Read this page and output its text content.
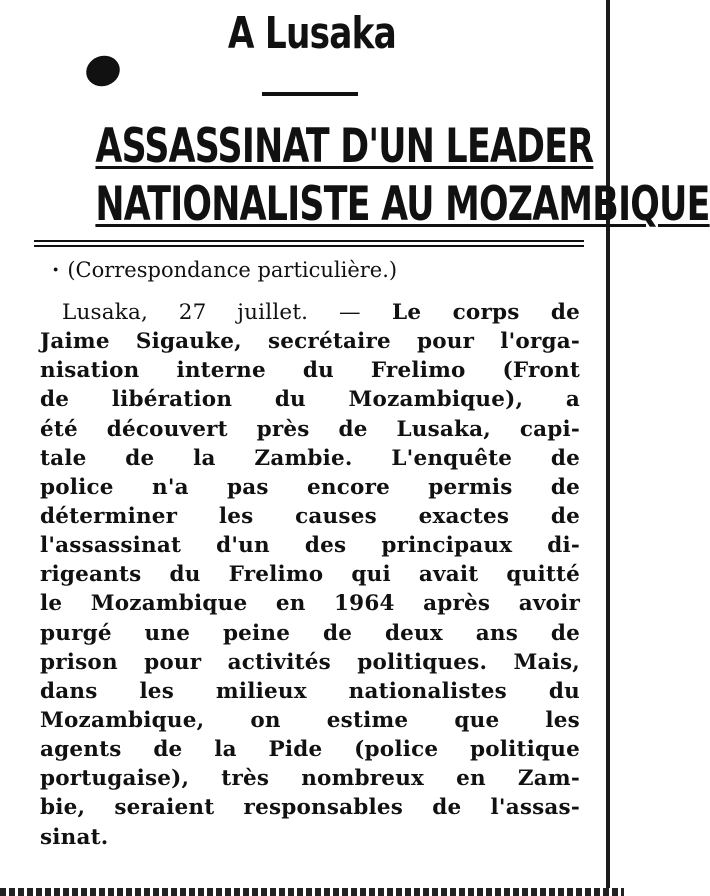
A Lusaka
ASSASSINAT D'UN LEADER
NATIONALISTE AU MOZAMBIQUE
· (Correspondance particulière.)
Lusaka, 27 juillet. — Le corps de
Jaime Sigauke, secrétaire pour l'orga-
nisation interne du Frelimo (Front
de libération du Mozambique), a
été découvert près de Lusaka, capi-
tale de la Zambie. L'enquête de
police n'a pas encore permis de
déterminer les causes exactes de
l'assassinat d'un des principaux di-
rigeants du Frelimo qui avait quitté
le Mozambique en 1964 après avoir
purgé une peine de deux ans de
prison pour activités politiques. Mais,
dans les milieux nationalistes du
Mozambique, on estime que les
agents de la Pide (police politique
portugaise), très nombreux en Zam-
bie, seraient responsables de l'assas-
sinat.
